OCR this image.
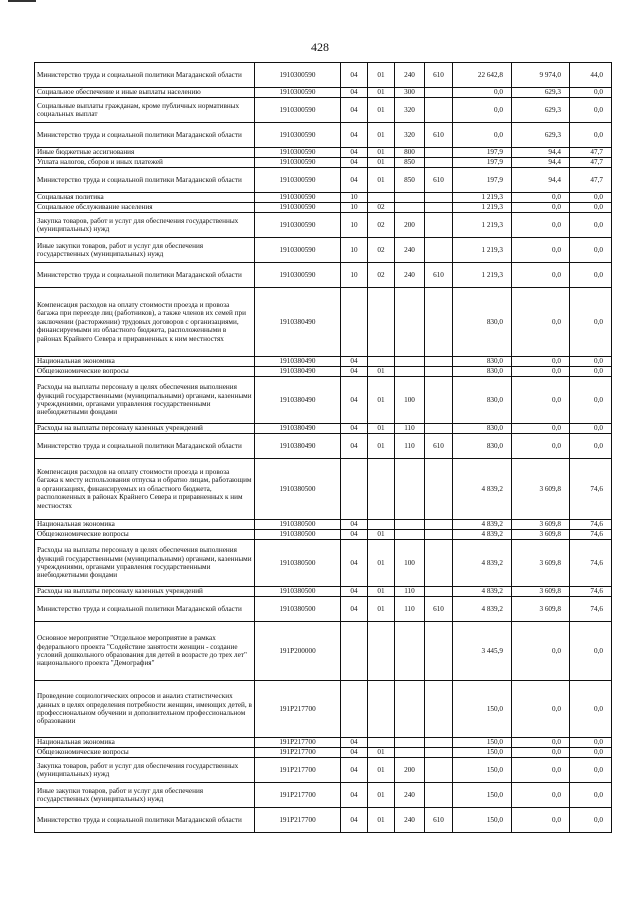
428
Министерство труда и социальной политики Магаданской области	1910300590	04	01	240	610	22 642,8	9 974,0	44,0
Социальное обеспечение и иные выплаты населению	1910300590	04	01	300		0,0	629,3	0,0
Социальные выплаты гражданам, кроме публичных нормативных социальных выплат	1910300590	04	01	320		0,0	629,3	0,0
Министерство труда и социальной политики Магаданской области	1910300590	04	01	320	610	0,0	629,3	0,0
Иные бюджетные ассигнования	1910300590	04	01	800		197,9	94,4	47,7
Уплата налогов, сборов и иных платежей	1910300590	04	01	850		197,9	94,4	47,7
Министерство труда и социальной политики Магаданской области	1910300590	04	01	850	610	197,9	94,4	47,7
Социальная политика	1910300590	10				1 219,3	0,0	0,0
Социальное обслуживание населения	1910300590	10	02			1 219,3	0,0	0,0
Закупка товаров, работ и услуг для обеспечения государственных (муниципальных) нужд	1910300590	10	02	200		1 219,3	0,0	0,0
Иные закупки товаров, работ и услуг для обеспечения государственных (муниципальных) нужд	1910300590	10	02	240		1 219,3	0,0	0,0
Министерство труда и социальной политики Магаданской области	1910300590	10	02	240	610	1 219,3	0,0	0,0
Компенсация расходов на оплату стоимости проезда и провоза багажа при переезде лиц (работников), а также членов их семей при заключении (расторжении) трудовых договоров с организациями, финансируемыми из областного бюджета, расположенными в районах Крайнего Севера и приравненных к ним местностях	1910380490					830,0	0,0	0,0
Национальная экономика	1910380490	04				830,0	0,0	0,0
Общеэкономические вопросы	1910380490	04	01			830,0	0,0	0,0
Расходы на выплаты персоналу в целях обеспечения выполнения функций государственными (муниципальными) органами, казенными учреждениями, органами управления государственными внебюджетными фондами	1910380490	04	01	100		830,0	0,0	0,0
Расходы на выплаты персоналу казенных учреждений	1910380490	04	01	110		830,0	0,0	0,0
Министерство труда и социальной политики Магаданской области	1910380490	04	01	110	610	830,0	0,0	0,0
Компенсация расходов на оплату стоимости проезда и провоза багажа к месту использования отпуска и обратно лицам, работающим в организациях, финансируемых из областного бюджета, расположенных в районах Крайнего Севера и приравненных к ним местностях	1910380500					4 839,2	3 609,8	74,6
Национальная экономика	1910380500	04				4 839,2	3 609,8	74,6
Общеэкономические вопросы	1910380500	04	01			4 839,2	3 609,8	74,6
Расходы на выплаты персоналу в целях обеспечения выполнения функций государственными (муниципальными) органами, казенными учреждениями, органами управления государственными внебюджетными фондами	1910380500	04	01	100		4 839,2	3 609,8	74,6
Расходы на выплаты персоналу казенных учреждений	1910380500	04	01	110		4 839,2	3 609,8	74,6
Министерство труда и социальной политики Магаданской области	1910380500	04	01	110	610	4 839,2	3 609,8	74,6
Основное мероприятие "Отдельное мероприятие в рамках федерального проекта "Содействие занятости женщин - создание условий дошкольного образования для детей в возрасте до трех лет" национального проекта "Демография"	191P200000					3 445,9	0,0	0,0
Проведение социологических опросов и анализ статистических данных в целях определения потребности женщин, имеющих детей, в профессиональном обучении и дополнительном профессиональном образовании	191P217700					150,0	0,0	0,0
Национальная экономика	191P217700	04				150,0	0,0	0,0
Общеэкономические вопросы	191P217700	04	01			150,0	0,0	0,0
Закупка товаров, работ и услуг для обеспечения государственных (муниципальных) нужд	191P217700	04	01	200		150,0	0,0	0,0
Иные закупки товаров, работ и услуг для обеспечения государственных (муниципальных) нужд	191P217700	04	01	240		150,0	0,0	0,0
Министерство труда и социальной политики Магаданской области	191P217700	04	01	240	610	150,0	0,0	0,0
